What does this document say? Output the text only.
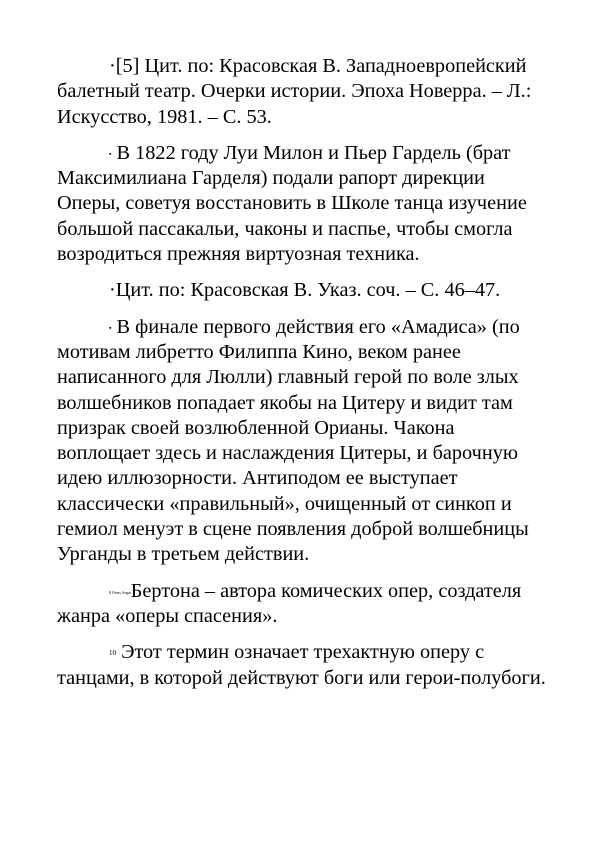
·[5] Цит. по: Красовская В. Западноевропейский балетный театр. Очерки истории. Эпоха Новерра. – Л.: Искусство, 1981. – С. 53.

▪ В 1822 году Луи Милон и Пьер Гардель (брат Максимилиана Гарделя) подали рапорт дирекции Оперы, советуя восстановить в Школе танца изучение большой пассакальи, чаконы и паспье, чтобы смогла возродиться прежняя виртуозная техника.

·Цит. по: Красовская В. Указ. соч. – С. 46–47.

▪ В финале первого действия его «Амадиса» (по мотивам либретто Филиппа Кино, веком ранее написанного для Люлли) главный герой по воле злых волшебников попадает якобы на Цитеру и видит там призрак своей возлюбленной Орианы. Чакона воплощает здесь и наслаждения Цитеры, и барочную идею иллюзорности. Антиподом ее выступает классически «правильный», очищенный от синкоп и гемиол менуэт в сцене появления доброй волшебницы Урганды в третьем действии.

8 Отец АнриБертона – автора комических опер, создателя жанра «оперы спасения».

10 Этот термин означает трехактную оперу с танцами, в которой действуют боги или герои-полубоги.
